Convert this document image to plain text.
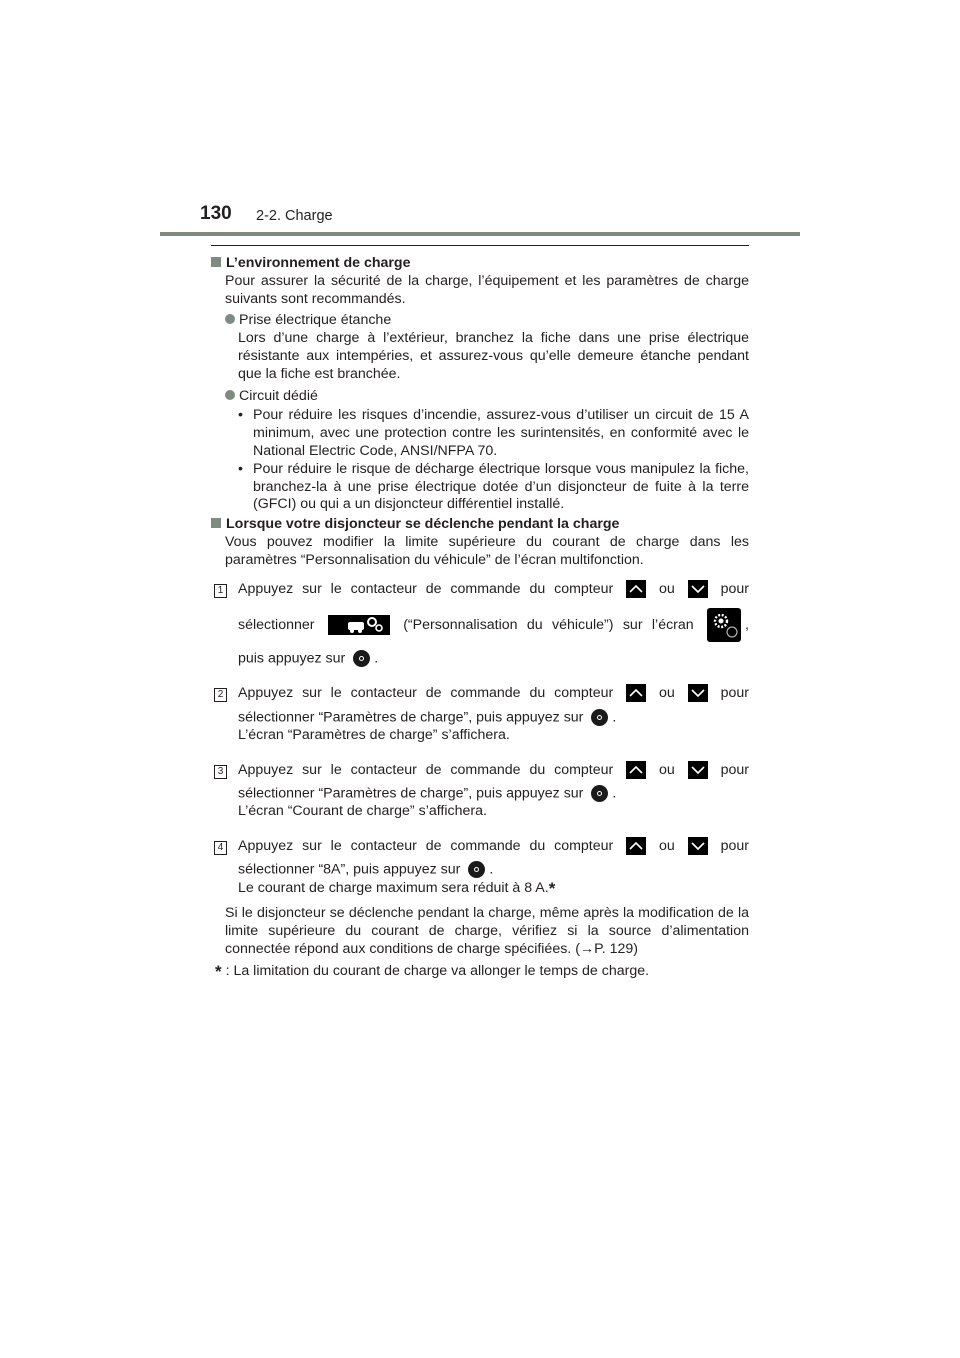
130 2-2. Charge
L’environnement de charge
Pour assurer la sécurité de la charge, l’équipement et les paramètres de charge suivants sont recommandés.
Prise électrique étanche
Lors d’une charge à l’extérieur, branchez la fiche dans une prise électrique résistante aux intempéries, et assurez-vous qu’elle demeure étanche pendant que la fiche est branchée.
Circuit dédié
• Pour réduire les risques d’incendie, assurez-vous d’utiliser un circuit de 15 A minimum, avec une protection contre les surintensités, en conformité avec le National Electric Code, ANSI/NFPA 70.
• Pour réduire le risque de décharge électrique lorsque vous manipulez la fiche, branchez-la à une prise électrique dotée d’un disjoncteur de fuite à la terre (GFCI) ou qui a un disjoncteur différentiel installé.
Lorsque votre disjoncteur se déclenche pendant la charge
Vous pouvez modifier la limite supérieure du courant de charge dans les paramètres “Personnalisation du véhicule” de l’écran multifonction.
1 Appuyez sur le contacteur de commande du compteur	ou	pour
sélectionner	(“Personnalisation du véhicule”) sur l’écran	,
puis appuyez sur .
2 Appuyez sur le contacteur de commande du compteur	ou	pour
sélectionner “Paramètres de charge”, puis appuyez sur .
L’écran “Paramètres de charge” s’affichera.
3 Appuyez sur le contacteur de commande du compteur	ou	pour
sélectionner “Paramètres de charge”, puis appuyez sur .
L’écran “Courant de charge” s’affichera.
4 Appuyez sur le contacteur de commande du compteur	ou	pour
sélectionner “8A”, puis appuyez sur .
Le courant de charge maximum sera réduit à 8 A.*
Si le disjoncteur se déclenche pendant la charge, même après la modification de la limite supérieure du courant de charge, vérifiez si la source d’alimentation connectée répond aux conditions de charge spécifiées. (→P. 129)
* : La limitation du courant de charge va allonger le temps de charge.
